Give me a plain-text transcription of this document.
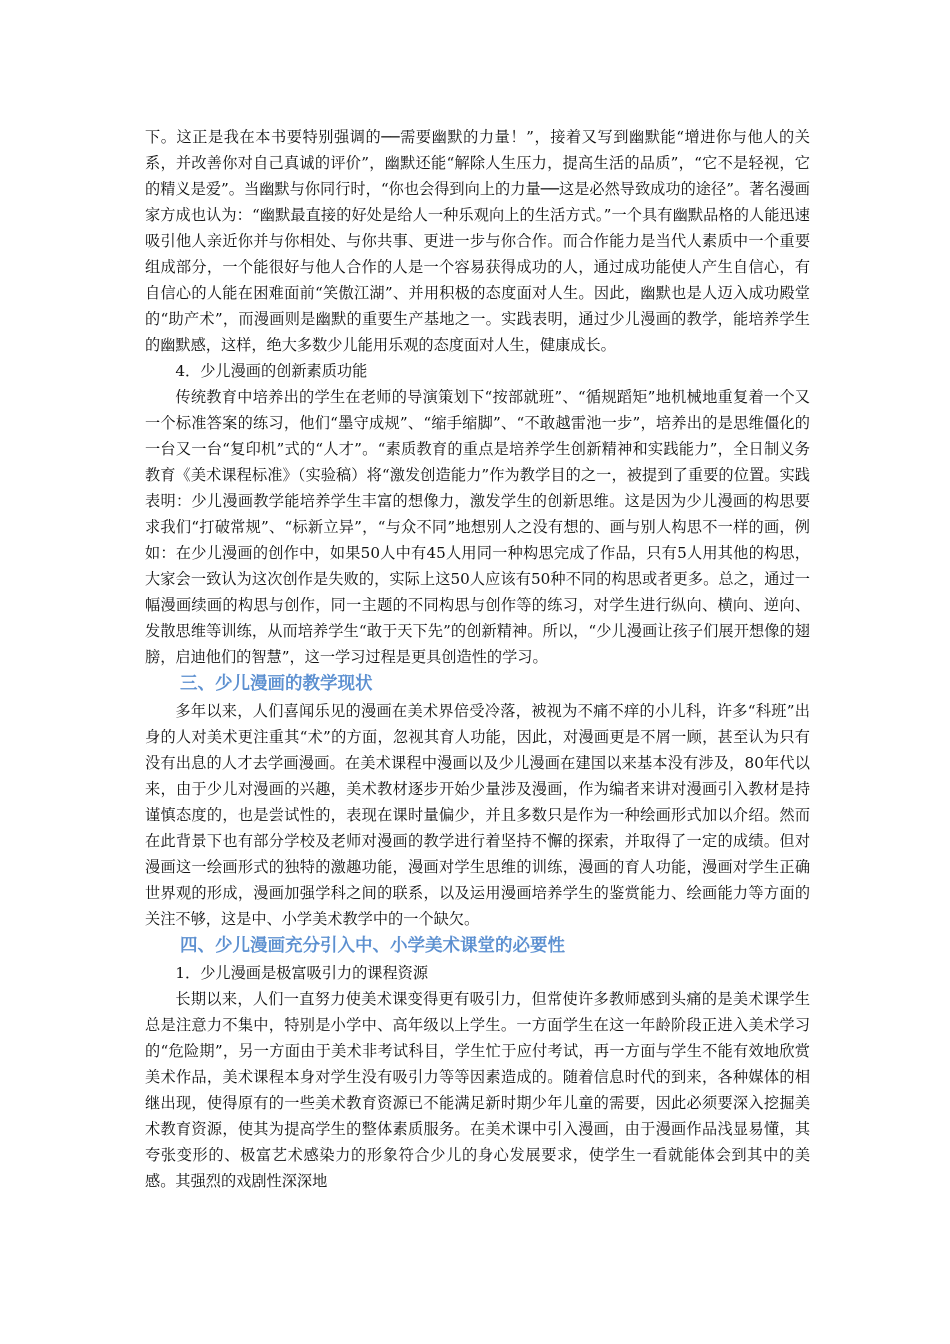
下。这正是我在本书要特别强调的──需要幽默的力量！”，接着又写到幽默能“增进你与他人的关系，并改善你对自己真诚的评价”，幽默还能“解除人生压力，提高生活的品质”，“它不是轻视，它的精义是爱”。当幽默与你同行时，“你也会得到向上的力量──这是必然导致成功的途径”。著名漫画家方成也认为：“幽默最直接的好处是给人一种乐观向上的生活方式。”一个具有幽默品格的人能迅速吸引他人亲近你并与你相处、与你共事、更进一步与你合作。而合作能力是当代人素质中一个重要组成部分，一个能很好与他人合作的人是一个容易获得成功的人，通过成功能使人产生自信心，有自信心的人能在困难面前“笑傲江湖”、并用积极的态度面对人生。因此，幽默也是人迈入成功殿堂的“助产术”，而漫画则是幽默的重要生产基地之一。实践表明，通过少儿漫画的教学，能培养学生的幽默感，这样，绝大多数少儿能用乐观的态度面对人生，健康成长。

4．少儿漫画的创新素质功能

传统教育中培养出的学生在老师的导演策划下“按部就班”、“循规蹈矩”地机械地重复着一个又一个标准答案的练习，他们“墨守成规”、“缩手缩脚”、“不敢越雷池一步”，培养出的是思维僵化的一台又一台“复印机”式的“人才”。“素质教育的重点是培养学生创新精神和实践能力”，全日制义务教育《美术课程标准》（实验稿）将“激发创造能力”作为教学目的之一，被提到了重要的位置。实践表明：少儿漫画教学能培养学生丰富的想像力，激发学生的创新思维。这是因为少儿漫画的构思要求我们“打破常规”、“标新立异”，“与众不同”地想别人之没有想的、画与别人构思不一样的画，例如：在少儿漫画的创作中，如果50人中有45人用同一种构思完成了作品，只有5人用其他的构思，大家会一致认为这次创作是失败的，实际上这50人应该有50种不同的构思或者更多。总之，通过一幅漫画续画的构思与创作，同一主题的不同构思与创作等的练习，对学生进行纵向、横向、逆向、发散思维等训练，从而培养学生“敢于天下先”的创新精神。所以，“少儿漫画让孩子们展开想像的翅膀，启迪他们的智慧”，这一学习过程是更具创造性的学习。

三、少儿漫画的教学现状

多年以来，人们喜闻乐见的漫画在美术界倍受冷落，被视为不痛不痒的小儿科，许多“科班”出身的人对美术更注重其“术”的方面，忽视其育人功能，因此，对漫画更是不屑一顾，甚至认为只有没有出息的人才去学画漫画。在美术课程中漫画以及少儿漫画在建国以来基本没有涉及，80年代以来，由于少儿对漫画的兴趣，美术教材逐步开始少量涉及漫画，作为编者来讲对漫画引入教材是持谨慎态度的，也是尝试性的，表现在课时量偏少，并且多数只是作为一种绘画形式加以介绍。然而在此背景下也有部分学校及老师对漫画的教学进行着坚持不懈的探索，并取得了一定的成绩。但对漫画这一绘画形式的独特的激趣功能，漫画对学生思维的训练，漫画的育人功能，漫画对学生正确世界观的形成，漫画加强学科之间的联系，以及运用漫画培养学生的鉴赏能力、绘画能力等方面的关注不够，这是中、小学美术教学中的一个缺欠。

四、少儿漫画充分引入中、小学美术课堂的必要性

1．少儿漫画是极富吸引力的课程资源

长期以来，人们一直努力使美术课变得更有吸引力，但常使许多教师感到头痛的是美术课学生总是注意力不集中，特别是小学中、高年级以上学生。一方面学生在这一年龄阶段正进入美术学习的“危险期”，另一方面由于美术非考试科目，学生忙于应付考试，再一方面与学生不能有效地欣赏美术作品，美术课程本身对学生没有吸引力等等因素造成的。随着信息时代的到来，各种媒体的相继出现，使得原有的一些美术教育资源已不能满足新时期少年儿童的需要，因此必须要深入挖掘美术教育资源，使其为提高学生的整体素质服务。在美术课中引入漫画，由于漫画作品浅显易懂，其夸张变形的、极富艺术感染力的形象符合少儿的身心发展要求，使学生一看就能体会到其中的美感。其强烈的戏剧性深深地
